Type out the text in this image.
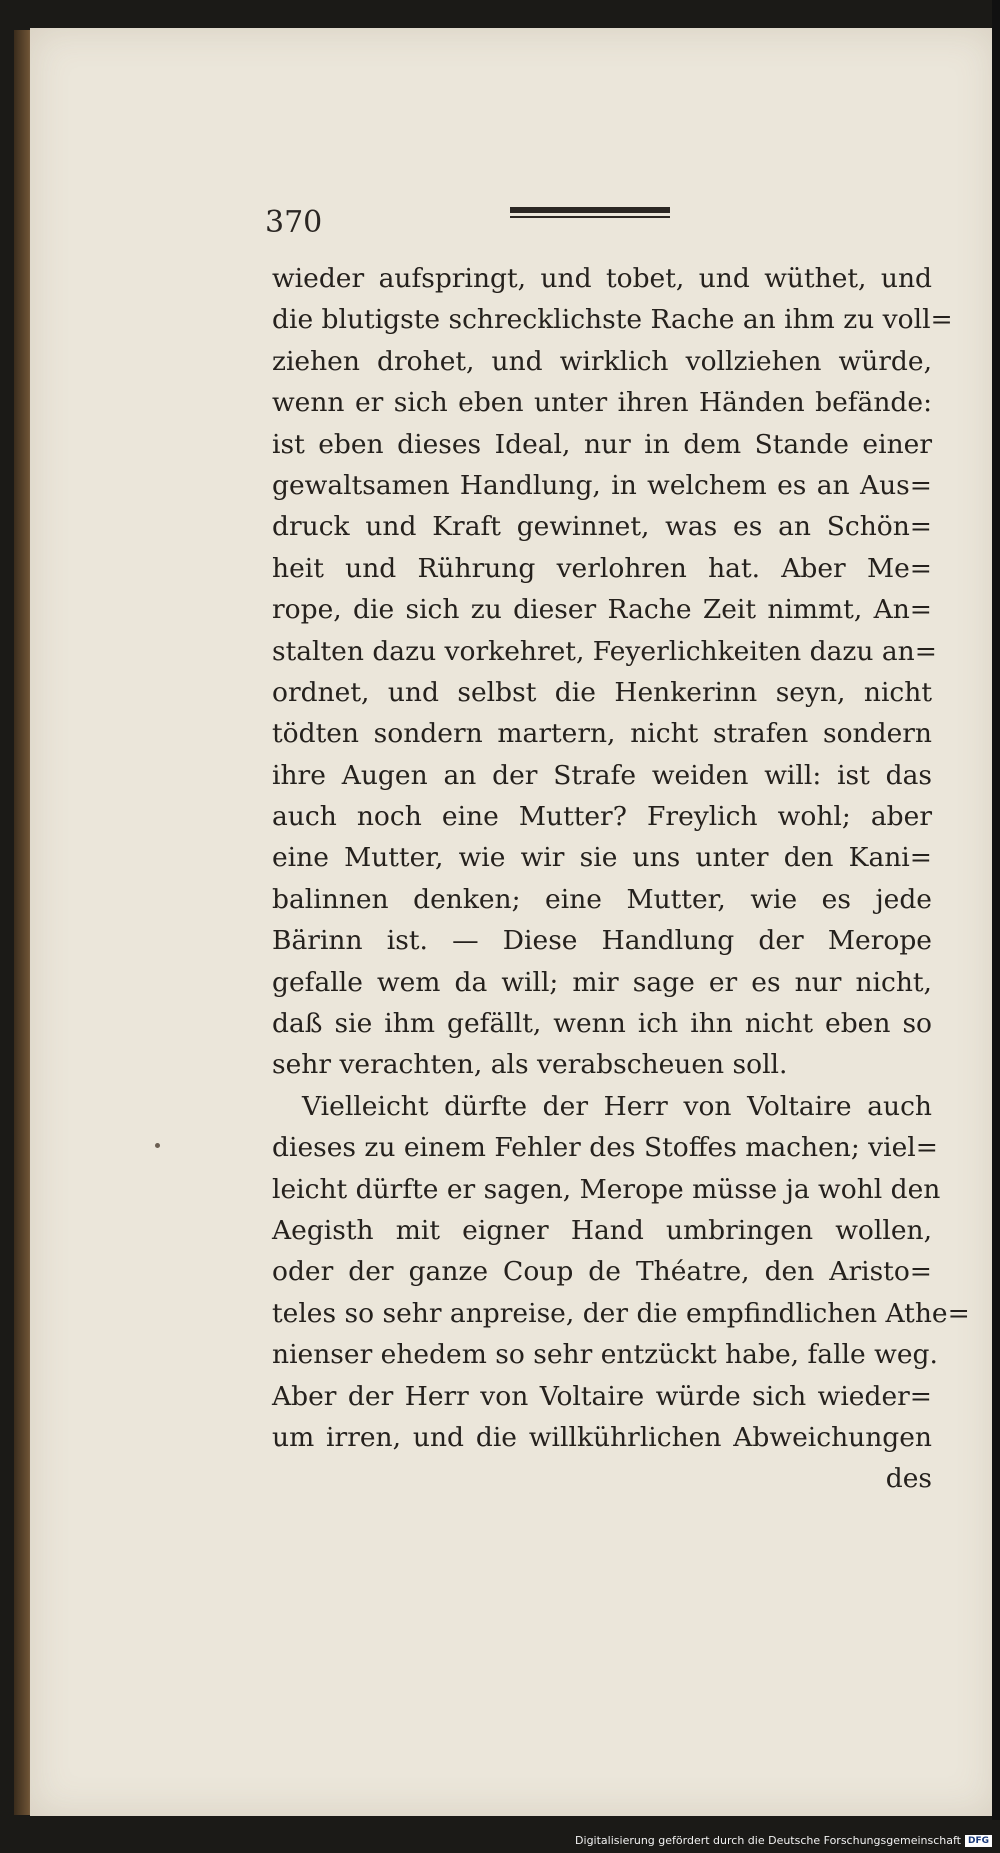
370
wieder aufspringt, und tobet, und wüthet, und
die blutigste schrecklichste Rache an ihm zu voll=
ziehen drohet, und wirklich vollziehen würde,
wenn er sich eben unter ihren Händen befände:
ist eben dieses Ideal, nur in dem Stande einer
gewaltsamen Handlung, in welchem es an Aus=
druck und Kraft gewinnet, was es an Schön=
heit und Rührung verlohren hat. Aber Me=
rope, die sich zu dieser Rache Zeit nimmt, An=
stalten dazu vorkehret, Feyerlichkeiten dazu an=
ordnet, und selbst die Henkerinn seyn, nicht
tödten sondern martern, nicht strafen sondern
ihre Augen an der Strafe weiden will: ist das
auch noch eine Mutter? Freylich wohl; aber
eine Mutter, wie wir sie uns unter den Kani=
balinnen denken; eine Mutter, wie es jede
Bärinn ist. — Diese Handlung der Merope
gefalle wem da will; mir sage er es nur nicht,
daß sie ihm gefällt, wenn ich ihn nicht eben so
sehr verachten, als verabscheuen soll.
Vielleicht dürfte der Herr von Voltaire auch
dieses zu einem Fehler des Stoffes machen; viel=
leicht dürfte er sagen, Merope müsse ja wohl den
Aegisth mit eigner Hand umbringen wollen,
oder der ganze Coup de Théatre, den Aristo=
teles so sehr anpreise, der die empfindlichen Athe=
nienser ehedem so sehr entzückt habe, falle weg.
Aber der Herr von Voltaire würde sich wieder=
um irren, und die willkührlichen Abweichungen
des
Digitalisierung gefördert durch die Deutsche Forschungsgemeinschaft DFG
